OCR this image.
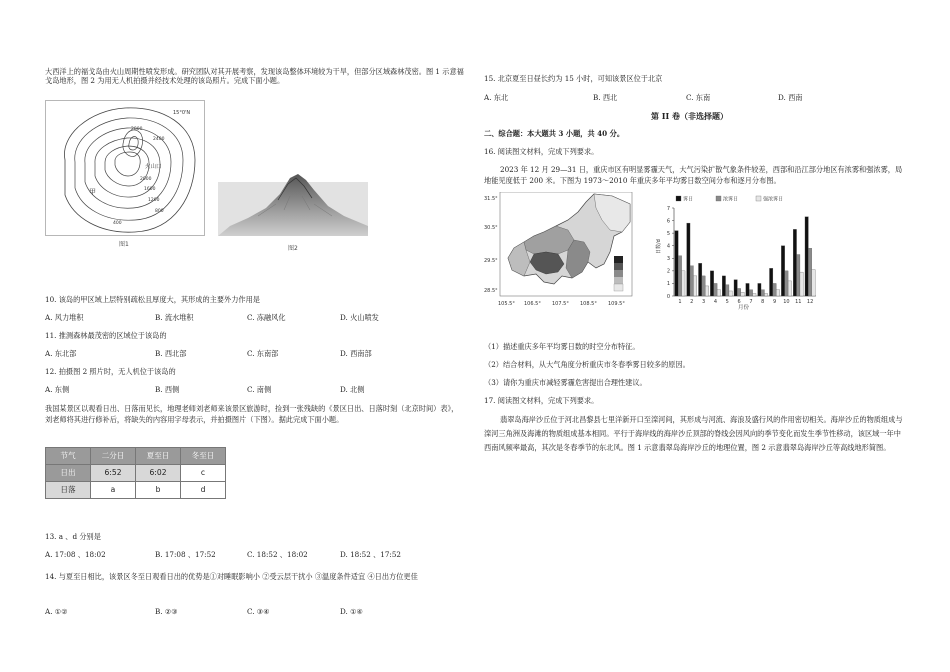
大西洋上的福戈岛由火山周期性喷发形成。研究团队对其开展考察，发现该岛整体环境较为干旱，但部分区域森林茂密。图 1 示意福戈岛地形，图 2 为用无人机拍摄并经技术处理的该岛照片。完成下面小题。
火山口
15°0'N
甲
2800
2400
2000
1600
1200
800
400
图1
图2
10. 该岛的甲区域上层特别疏松且厚度大，其形成的主要外力作用是
A. 风力堆积	B. 流水堆积	C. 冻融风化	D. 火山喷发
11. 推测森林最茂密的区域位于该岛的
A. 东北部	B. 西北部	C. 东南部	D. 西南部
12. 拍摄图 2 照片时，无人机位于该岛的
A. 东侧	B. 西侧	C. 南侧	D. 北侧
我国某景区以观看日出、日落而见长，地理老师刘老师来该景区旅游时，捡到一张残缺的《景区日出、日落时刻（北京时间）表》，刘老师将其进行修补后，将缺失的内容用字母表示，并拍摄图片（下图）。据此完成下面小题。
节气	二分日	夏至日	冬至日
日出	6:52	6:02	c
日落	a	b	d
13. a 、d 分别是
A. 17:08 、18:02	B. 17:08 、17:52	C. 18:52 、18:02	D. 18:52 、17:52
14. 与夏至日相比，该景区冬至日观看日出的优势是①对睡眠影响小 ②受云层干扰小 ③温度条件适宜 ④日出方位更佳
A. ①②	B. ②③	C. ③④	D. ①④
15. 北京夏至日昼长约为 15 小时，可知该景区位于北京
A. 东北	B. 西北	C. 东南	D. 西南
第 II 卷（非选择题）
二、综合题：本大题共 3 小题，共 40 分。
16. 阅读图文材料，完成下列要求。
2023 年 12 月 29—31 日，重庆市区有明显雾霾天气，大气污染扩散气象条件较差，西部和沿江部分地区有浓雾和强浓雾，局地能见度低于 200 米。下图为 1973～2010 年重庆多年平均雾日数空间分布和逐月分布图。
31.5°
30.5°
29.5°
28.5°
105.5° 106.5° 107.5° 108.5° 109.5°
雾日	浓雾日	强浓雾日
0
1
2
3
4
5
6
7
1 2 3 4 5 6 7 8 9 10 11 12
日数/d
月份
（1）描述重庆多年平均雾日数的时空分布特征。
（2）结合材料，从大气角度分析重庆市冬春季雾日较多的原因。
（3）请你为重庆市减轻雾霾危害提出合理性建议。
17. 阅读图文材料，完成下列要求。
翡翠岛海岸沙丘位于河北昌黎县七里洋新开口至滦河间，其形成与河流、海浪及盛行风的作用密切相关。海岸沙丘的物质组成与滦河三角洲及海滩的物质组成基本相同。平行于海岸线的海岸沙丘顶部的脊线会因风向的季节变化而发生季节性移动，该区域一年中西南风频率最高，其次是冬春季节的东北风。图 1 示意翡翠岛海岸沙丘的地理位置，图 2 示意翡翠岛海岸沙丘等高线地形简图。
